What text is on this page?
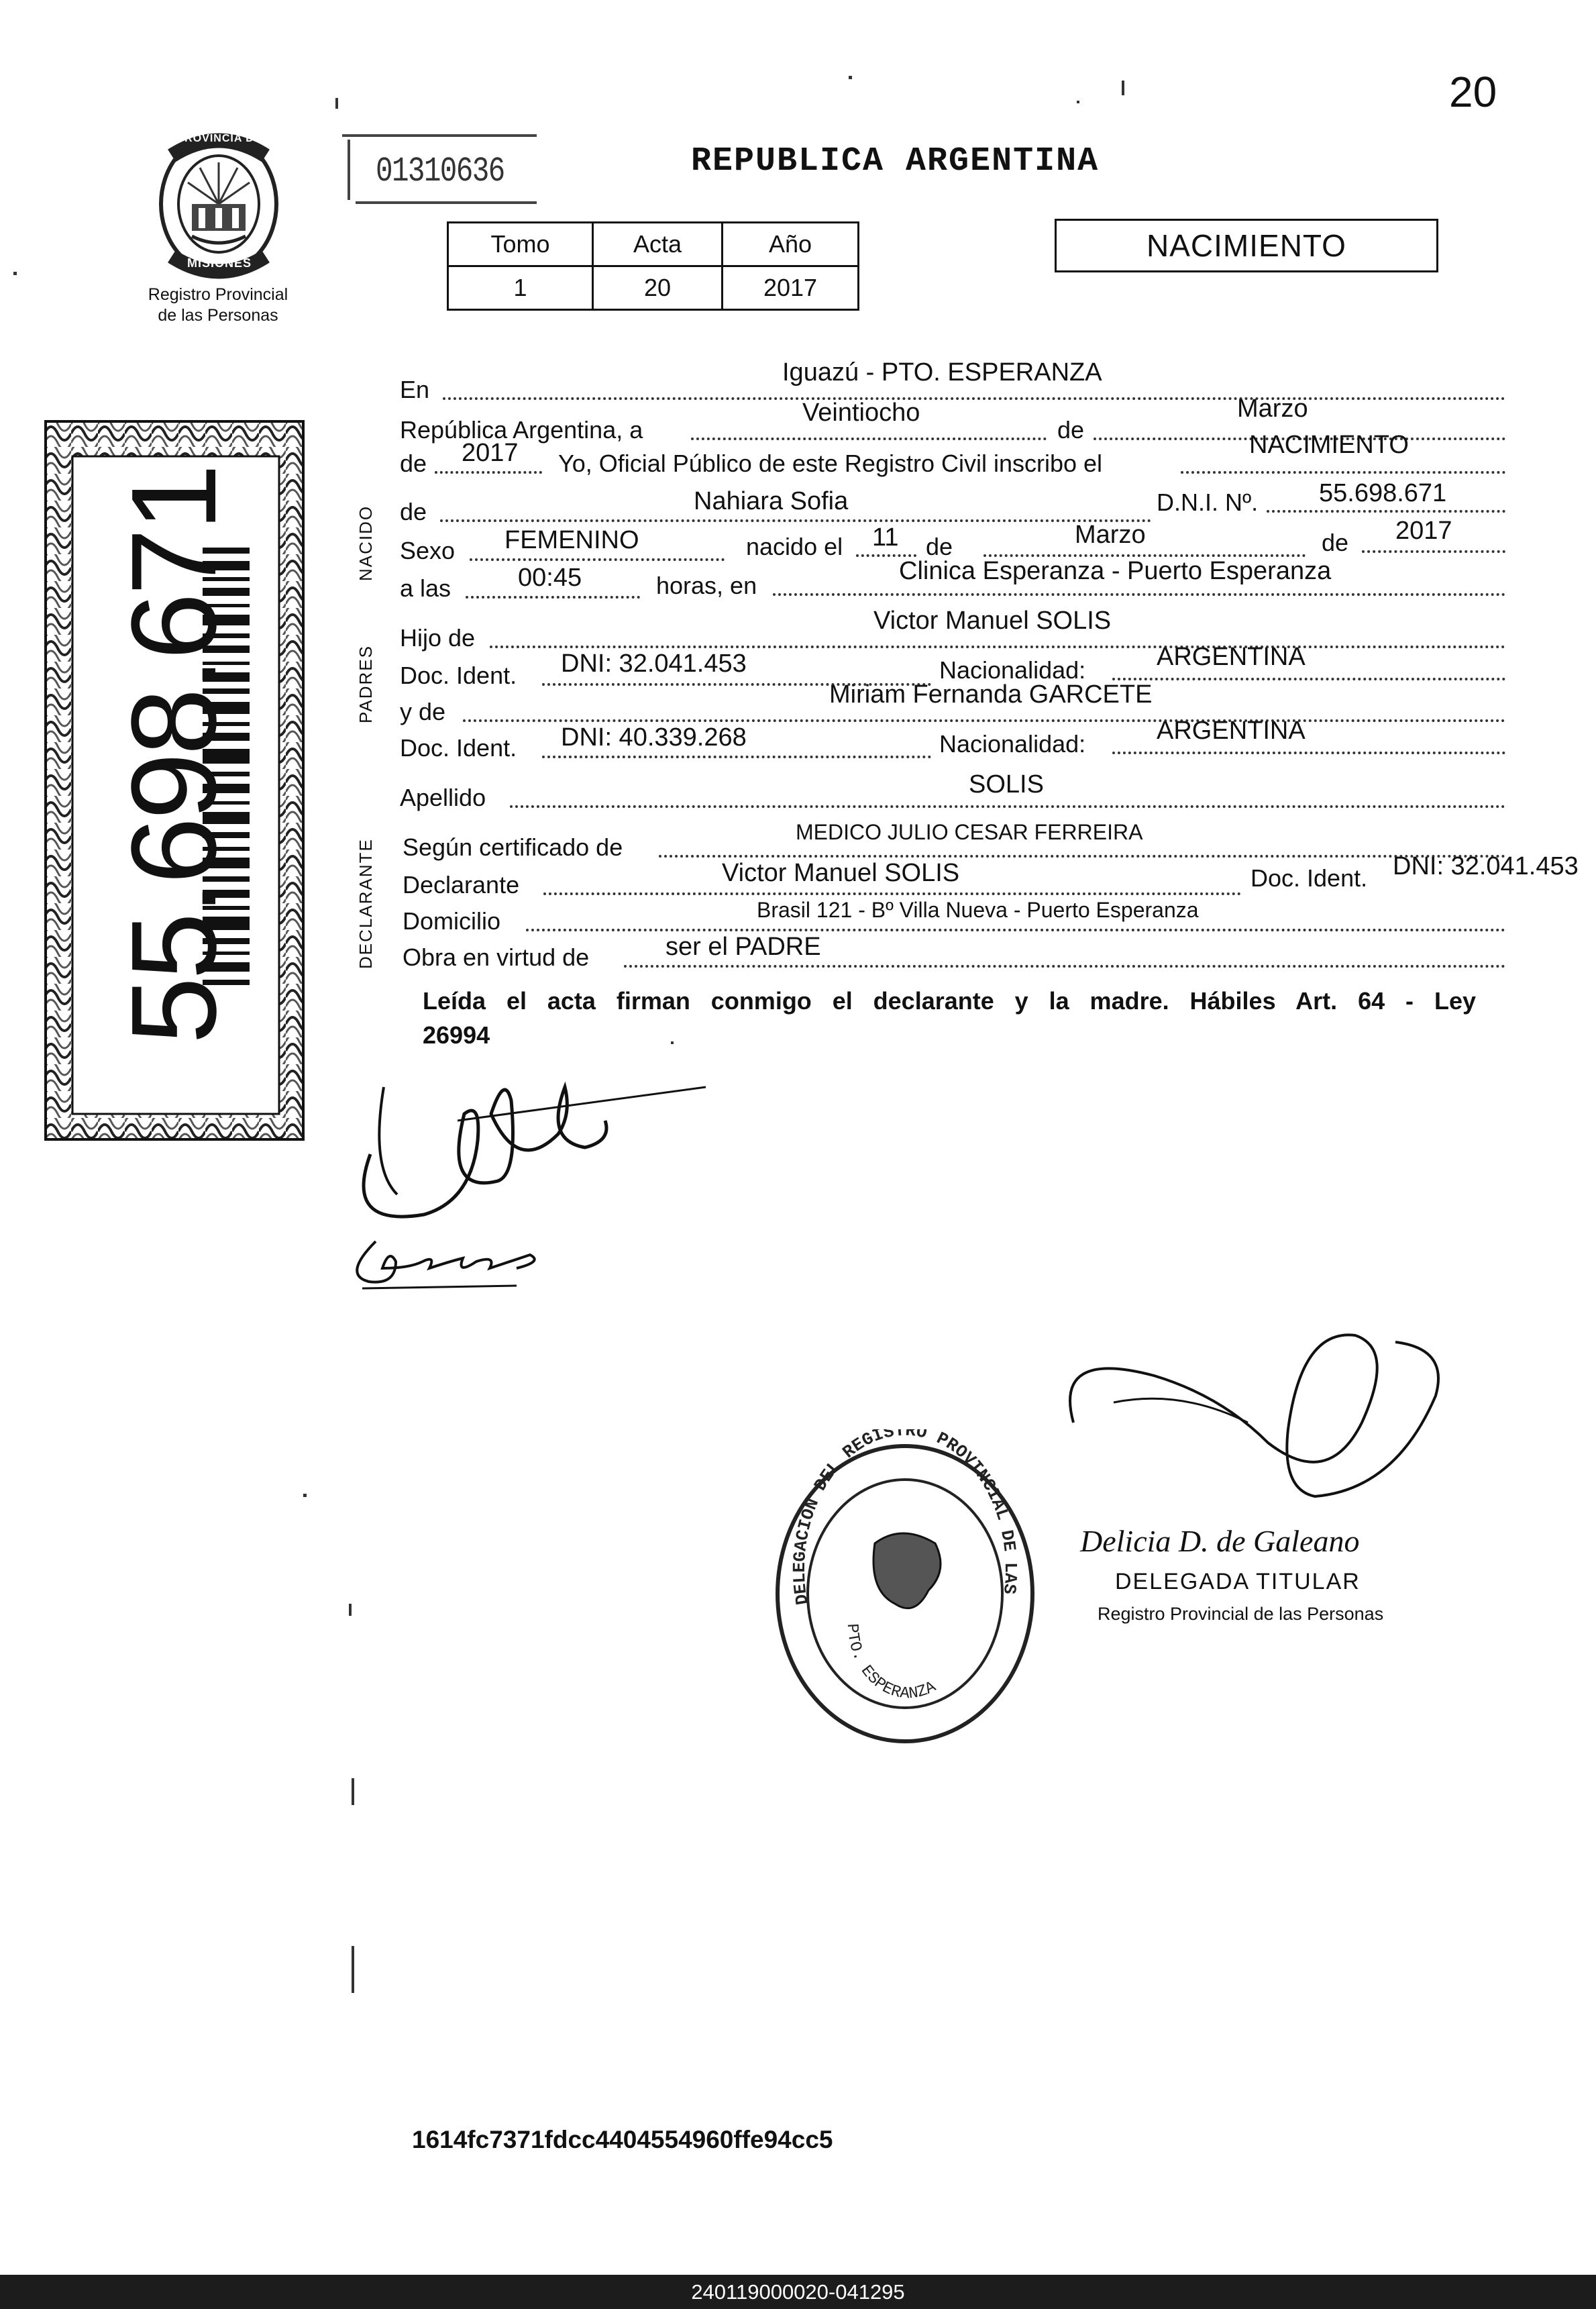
20
01310636	REPUBLICA ARGENTINA
PROVINCIA DE
MISIONES
Registro Provincial
de las Personas
Tomo	Acta	Año
1	20	2017
NACIMIENTO
55.698.671	NACIDO
PADRES
DECLARANTE
En
Iguazú - PTO. ESPERANZA
República Argentina, a
Veintiocho
de
Marzo
de 2017 Yo, Oficial Público de este Registro Civil inscribo el
NACIMIENTO
de	Nahiara Sofia	D.N.I. Nº. 55.698.671
Sexo FEMENINO	nacido el 11 de	Marzo	de 2017
a las	00:45	horas, en
Clinica Esperanza - Puerto Esperanza
Hijo de
Victor Manuel SOLIS
Doc. Ident. DNI: 32.041.453	Nacionalidad:	ARGENTINA
y de
Miriam Fernanda GARCETE
Doc. Ident. DNI: 40.339.268	Nacionalidad:	ARGENTINA
Apellido	SOLIS
Según certificado de
MEDICO JULIO CESAR FERREIRA
Declarante	Victor Manuel SOLIS	Doc. Ident. DNI: 32.041.453
Domicilio	Brasil 121 - Bº Villa Nueva - Puerto Esperanza
Obra en virtud de	ser el PADRE
Leída el acta firman conmigo el declarante y la madre. Hábiles Art. 64 - Ley
26994
DELEGACION DEL REGISTRO PROVINCIAL DE LAS
PTO. ESPERANZA
Delicia D. de Galeano
DELEGADA TITULAR
Registro Provincial de las Personas
1614fc7371fdcc4404554960ffe94cc5
240119000020-041295
